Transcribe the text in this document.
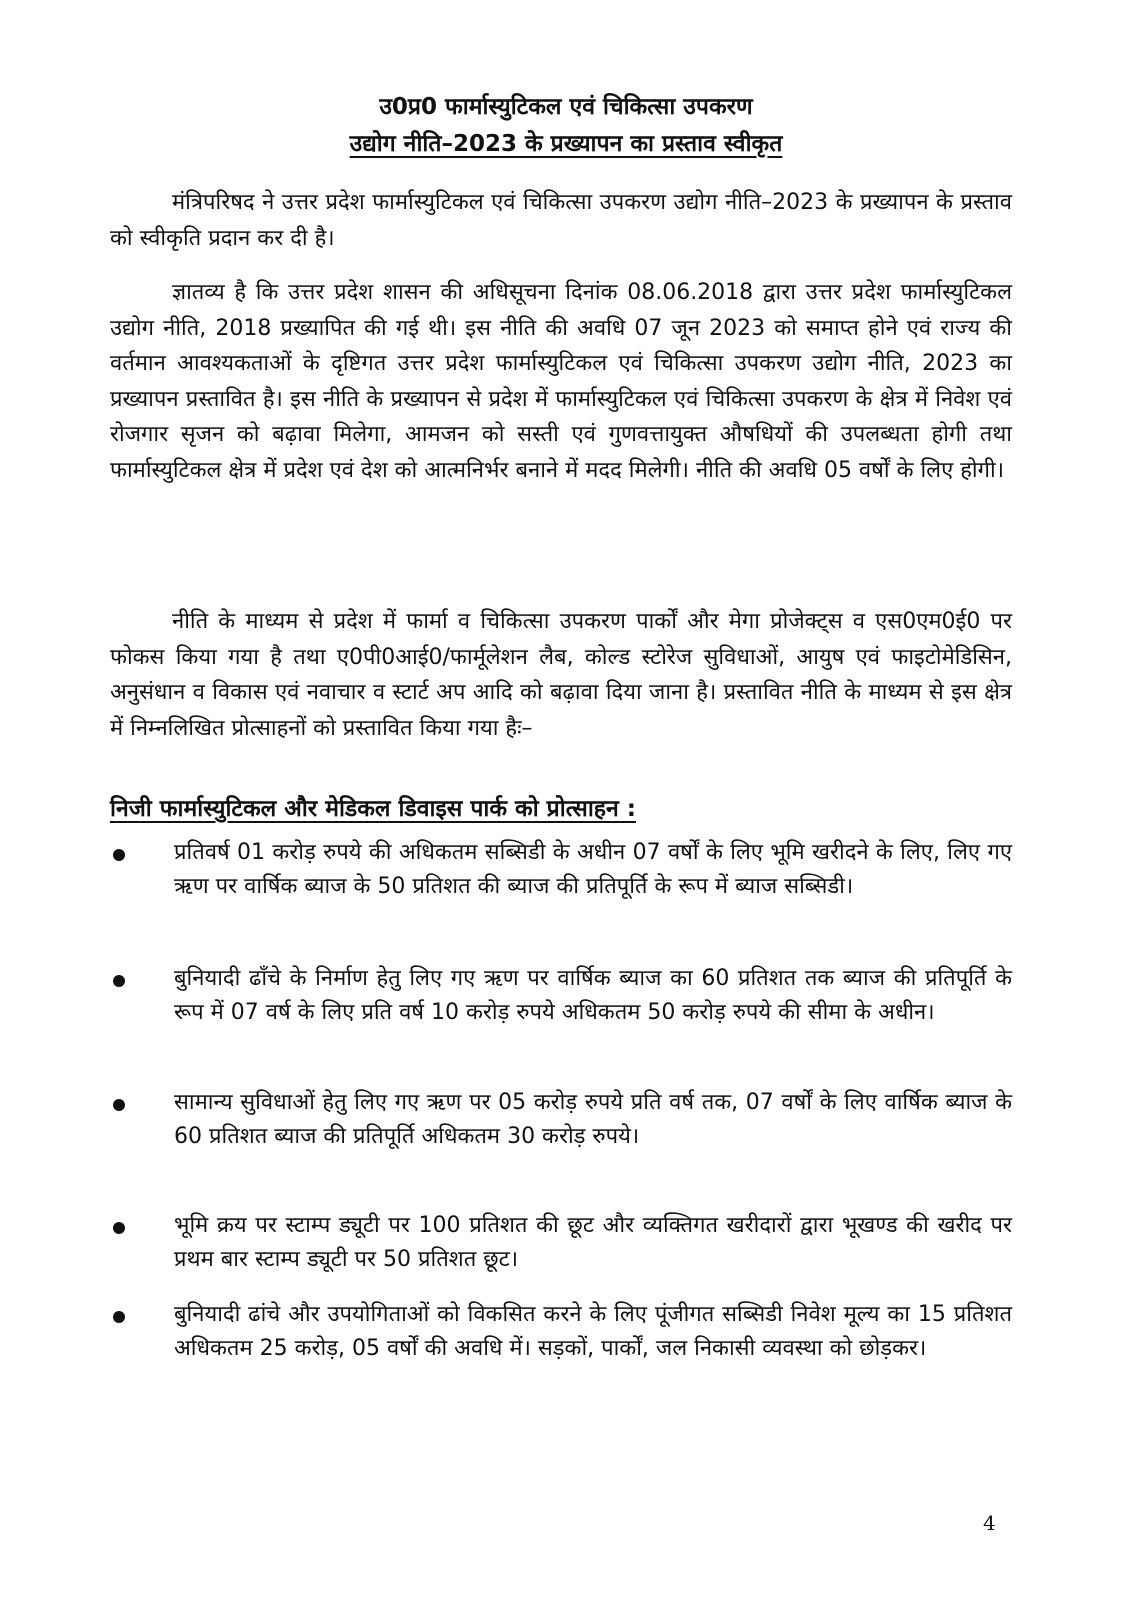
उ0प्र0 फार्मास्युटिकल एवं चिकित्सा उपकरण
उद्योग नीति–2023 के प्रख्यापन का प्रस्ताव स्वीकृत

मंत्रिपरिषद ने उत्तर प्रदेश फार्मास्युटिकल एवं चिकित्सा उपकरण उद्योग नीति–2023 के प्रख्यापन के प्रस्ताव को स्वीकृति प्रदान कर दी है।

ज्ञातव्य है कि उत्तर प्रदेश शासन की अधिसूचना दिनांक 08.06.2018 द्वारा उत्तर प्रदेश फार्मास्युटिकल उद्योग नीति, 2018 प्रख्यापित की गई थी। इस नीति की अवधि 07 जून 2023 को समाप्त होने एवं राज्य की वर्तमान आवश्यकताओं के दृष्टिगत उत्तर प्रदेश फार्मास्युटिकल एवं चिकित्सा उपकरण उद्योग नीति, 2023 का प्रख्यापन प्रस्तावित है। इस नीति के प्रख्यापन से प्रदेश में फार्मास्युटिकल एवं चिकित्सा उपकरण के क्षेत्र में निवेश एवं रोजगार सृजन को बढ़ावा मिलेगा, आमजन को सस्ती एवं गुणवत्तायुक्त औषधियों की उपलब्धता होगी तथा फार्मास्युटिकल क्षेत्र में प्रदेश एवं देश को आत्मनिर्भर बनाने में मदद मिलेगी। नीति की अवधि 05 वर्षों के लिए होगी।

नीति के माध्यम से प्रदेश में फार्मा व चिकित्सा उपकरण पार्कों और मेगा प्रोजेक्ट्स व एस0एम0ई0 पर फोकस किया गया है तथा ए0पी0आई0/फार्मूलेशन लैब, कोल्ड स्टोरेज सुविधाओं, आयुष एवं फाइटोमेडिसिन, अनुसंधान व विकास एवं नवाचार व स्टार्ट अप आदि को बढ़ावा दिया जाना है। प्रस्तावित नीति के माध्यम से इस क्षेत्र में निम्नलिखित प्रोत्साहनों को प्रस्तावित किया गया हैः–

निजी फार्मास्युटिकल और मेडिकल डिवाइस पार्क को प्रोत्साहन :

प्रतिवर्ष 01 करोड़ रुपये की अधिकतम सब्सिडी के अधीन 07 वर्षों के लिए भूमि खरीदने के लिए, लिए गए ऋण पर वार्षिक ब्याज के 50 प्रतिशत की ब्याज की प्रतिपूर्ति के रूप में ब्याज सब्सिडी।

बुनियादी ढाँचे के निर्माण हेतु लिए गए ऋण पर वार्षिक ब्याज का 60 प्रतिशत तक ब्याज की प्रतिपूर्ति के रूप में 07 वर्ष के लिए प्रति वर्ष 10 करोड़ रुपये अधिकतम 50 करोड़ रुपये की सीमा के अधीन।

सामान्य सुविधाओं हेतु लिए गए ऋण पर 05 करोड़ रुपये प्रति वर्ष तक, 07 वर्षों के लिए वार्षिक ब्याज के 60 प्रतिशत ब्याज की प्रतिपूर्ति अधिकतम 30 करोड़ रुपये।

भूमि क्रय पर स्टाम्प ड्यूटी पर 100 प्रतिशत की छूट और व्यक्तिगत खरीदारों द्वारा भूखण्ड की खरीद पर प्रथम बार स्टाम्प ड्यूटी पर 50 प्रतिशत छूट।

बुनियादी ढांचे और उपयोगिताओं को विकसित करने के लिए पूंजीगत सब्सिडी निवेश मूल्य का 15 प्रतिशत अधिकतम 25 करोड़, 05 वर्षों की अवधि में। सड़कों, पार्कों, जल निकासी व्यवस्था को छोड़कर।

4
